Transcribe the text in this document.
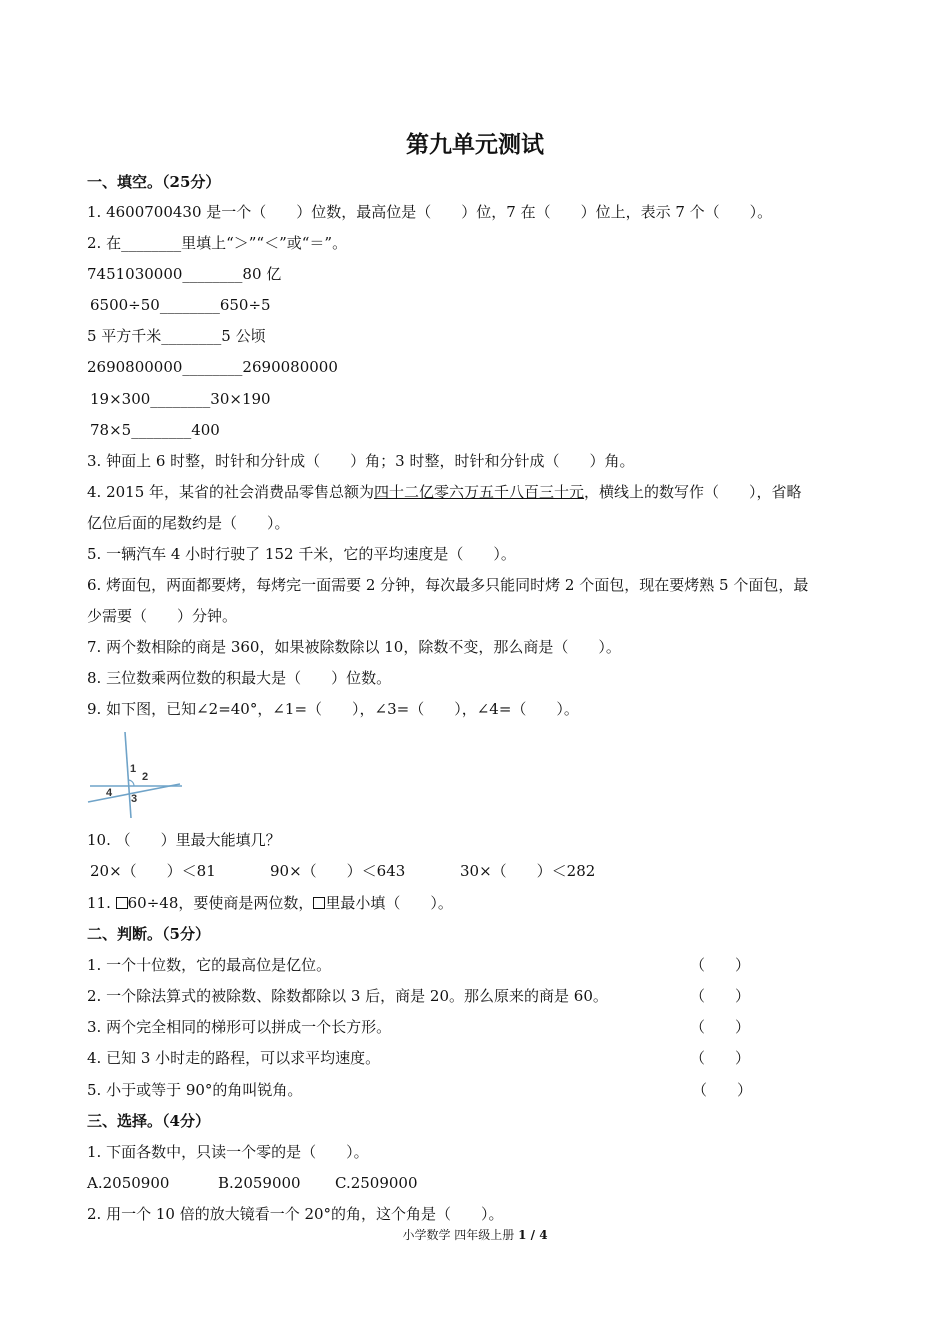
第九单元测试
一、填空。（25分）
1. 4600700430 是一个（　　）位数，最高位是（　　）位，7 在（　　）位上，表示 7 个（　　）。
2. 在________里填上“＞”“＜”或“＝”。
7451030000________80 亿
6500÷50________650÷5
5 平方千米________5 公顷
2690800000________2690080000
19×300________30×190
78×5________400
3. 钟面上 6 时整，时针和分针成（　　）角；3 时整，时针和分针成（　　）角。
4. 2015 年，某省的社会消费品零售总额为四十二亿零六万五千八百三十元，横线上的数写作（　　），省略
亿位后面的尾数约是（　　）。
5. 一辆汽车 4 小时行驶了 152 千米，它的平均速度是（　　）。
6. 烤面包，两面都要烤，每烤完一面需要 2 分钟，每次最多只能同时烤 2 个面包，现在要烤熟 5 个面包，最
少需要（　　）分钟。
7. 两个数相除的商是 360，如果被除数除以 10，除数不变，那么商是（　　）。
8. 三位数乘两位数的积最大是（　　）位数。
9. 如下图，已知∠2=40°，∠1=（　　），∠3=（　　），∠4=（　　）。
1
2
3
4
10. （　　）里最大能填几？
20×（　　）＜81	90×（　　）＜643	30×（　　）＜282
11. 60÷48，要使商是两位数， 里最小填（　　）。
二、判断。（5分）
1. 一个十位数，它的最高位是亿位。	（　　）
2. 一个除法算式的被除数、除数都除以 3 后，商是 20。那么原来的商是 60。	（　　）
3. 两个完全相同的梯形可以拼成一个长方形。	（　　）
4. 已知 3 小时走的路程，可以求平均速度。	（　　）
5. 小于或等于 90°的角叫锐角。	（　　）
三、选择。（4分）
1. 下面各数中，只读一个零的是（　　）。
A.2050900	B.2059000 C.2509000
2. 用一个 10 倍的放大镜看一个 20°的角，这个角是（　　）。
小学数学 四年级上册 1 / 4
